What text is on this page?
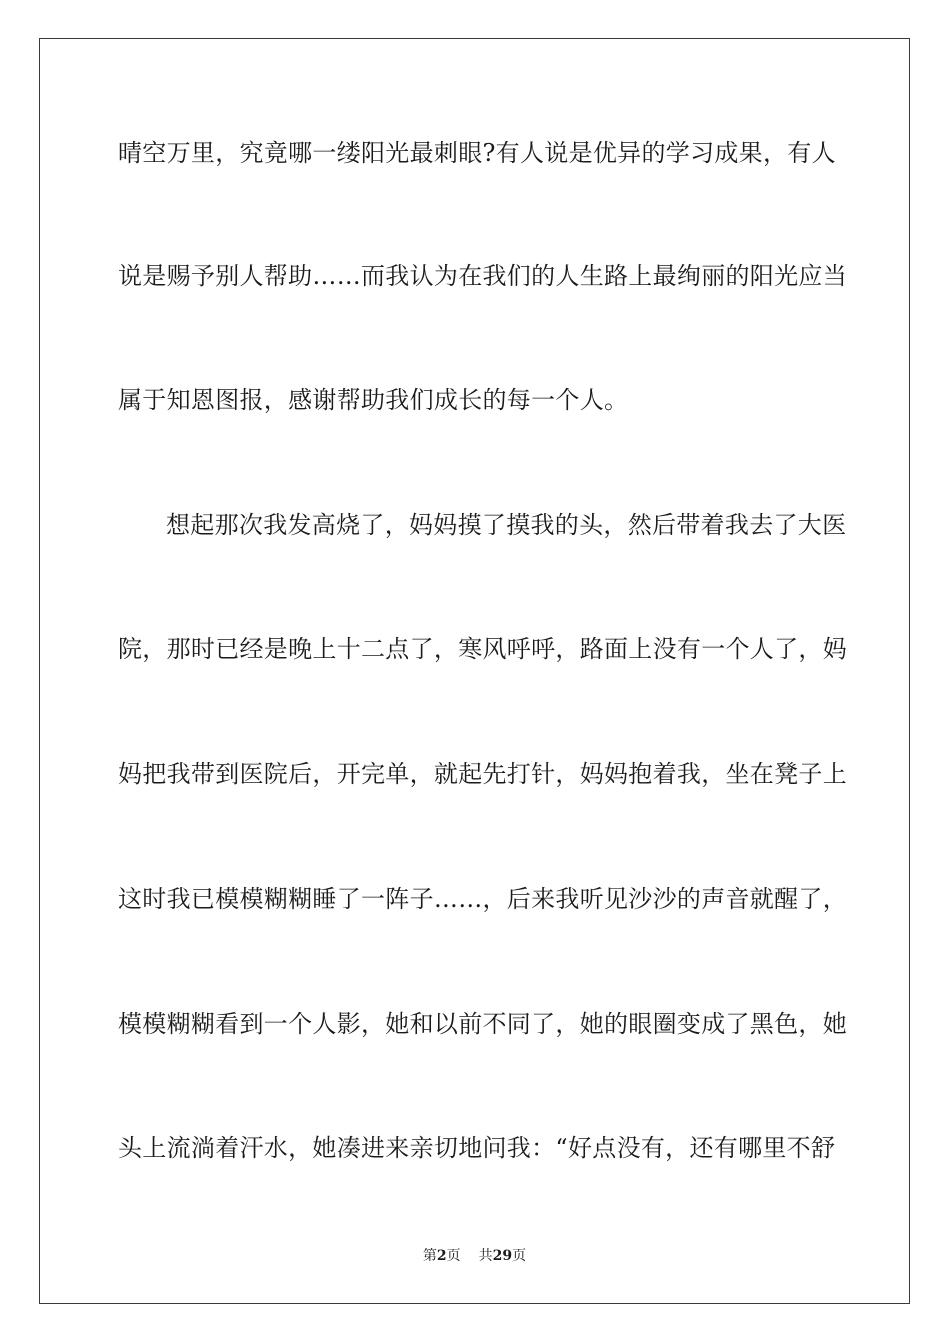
晴空万里，究竟哪一缕阳光最刺眼?有人说是优异的学习成果，有人
说是赐予别人帮助……而我认为在我们的人生路上最绚丽的阳光应当
属于知恩图报，感谢帮助我们成长的每一个人。
想起那次我发高烧了，妈妈摸了摸我的头，然后带着我去了大医
院，那时已经是晚上十二点了，寒风呼呼，路面上没有一个人了，妈
妈把我带到医院后，开完单，就起先打针，妈妈抱着我，坐在凳子上
这时我已模模糊糊睡了一阵子……，后来我听见沙沙的声音就醒了，
模模糊糊看到一个人影，她和以前不同了，她的眼圈变成了黑色，她
头上流淌着汗水，她凑进来亲切地问我：“好点没有，还有哪里不舒
第2页 共29页
